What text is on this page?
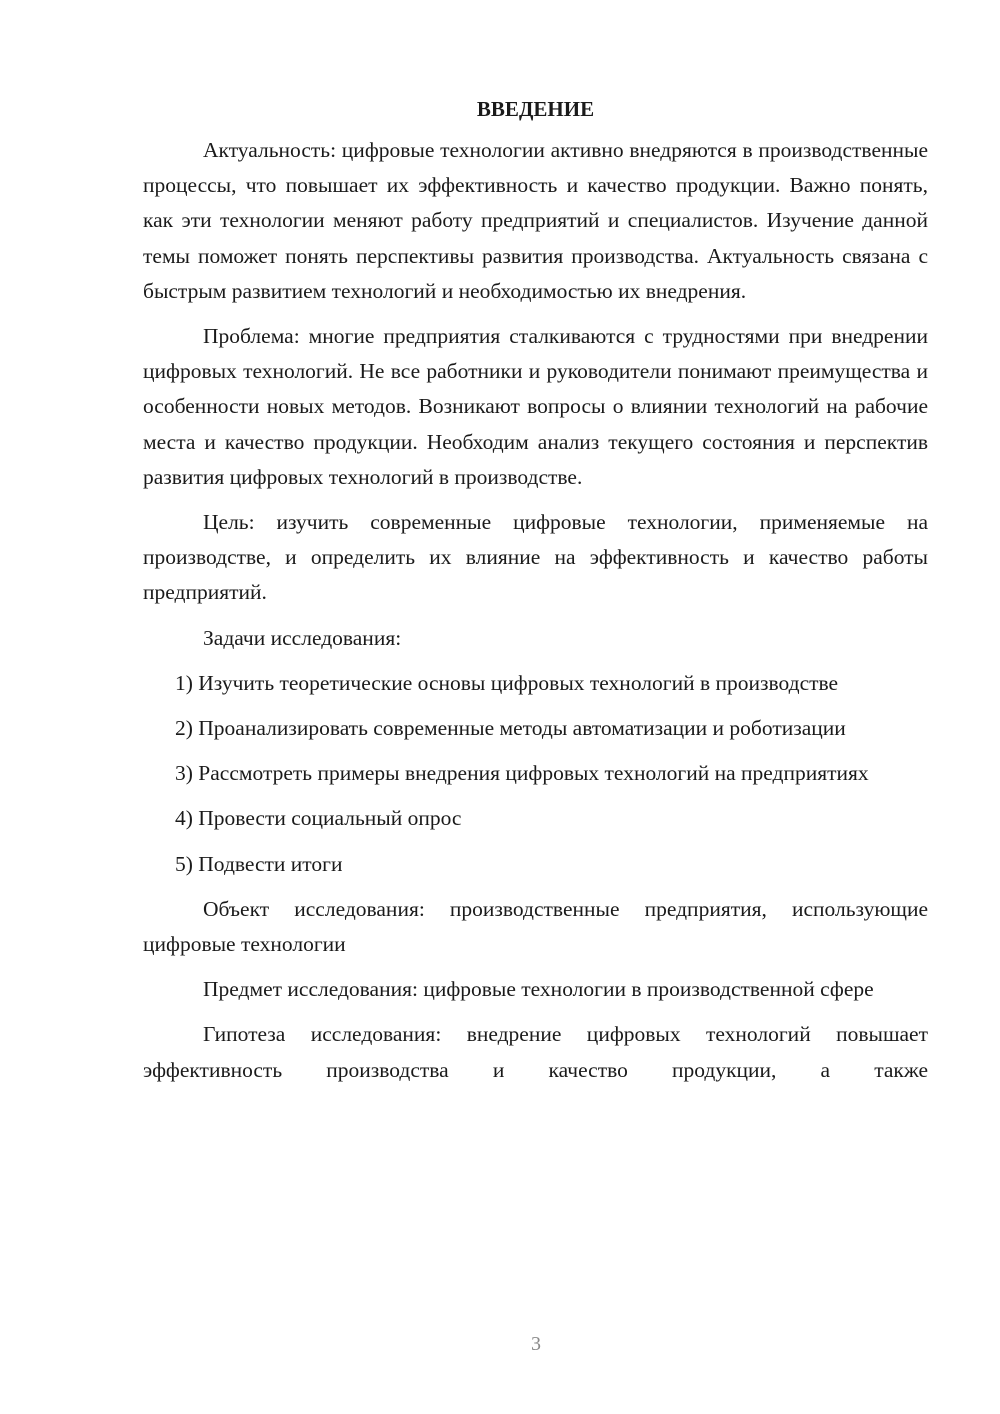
ВВЕДЕНИЕ

Актуальность: цифровые технологии активно внедряются в производственные процессы, что повышает их эффективность и качество продукции. Важно понять, как эти технологии меняют работу предприятий и специалистов. Изучение данной темы поможет понять перспективы развития производства. Актуальность связана с быстрым развитием технологий и необходимостью их внедрения.

Проблема: многие предприятия сталкиваются с трудностями при внедрении цифровых технологий. Не все работники и руководители понимают преимущества и особенности новых методов. Возникают вопросы о влиянии технологий на рабочие места и качество продукции. Необходим анализ текущего состояния и перспектив развития цифровых технологий в производстве.

Цель: изучить современные цифровые технологии, применяемые на производстве, и определить их влияние на эффективность и качество работы предприятий.

Задачи исследования:

1) Изучить теоретические основы цифровых технологий в производстве

2) Проанализировать современные методы автоматизации и роботизации

3) Рассмотреть примеры внедрения цифровых технологий на предприятиях

4) Провести социальный опрос

5) Подвести итоги

Объект исследования: производственные предприятия, использующие цифровые технологии

Предмет исследования: цифровые технологии в производственной сфере

Гипотеза исследования: внедрение цифровых технологий повышает эффективность производства и качество продукции, а также

3
